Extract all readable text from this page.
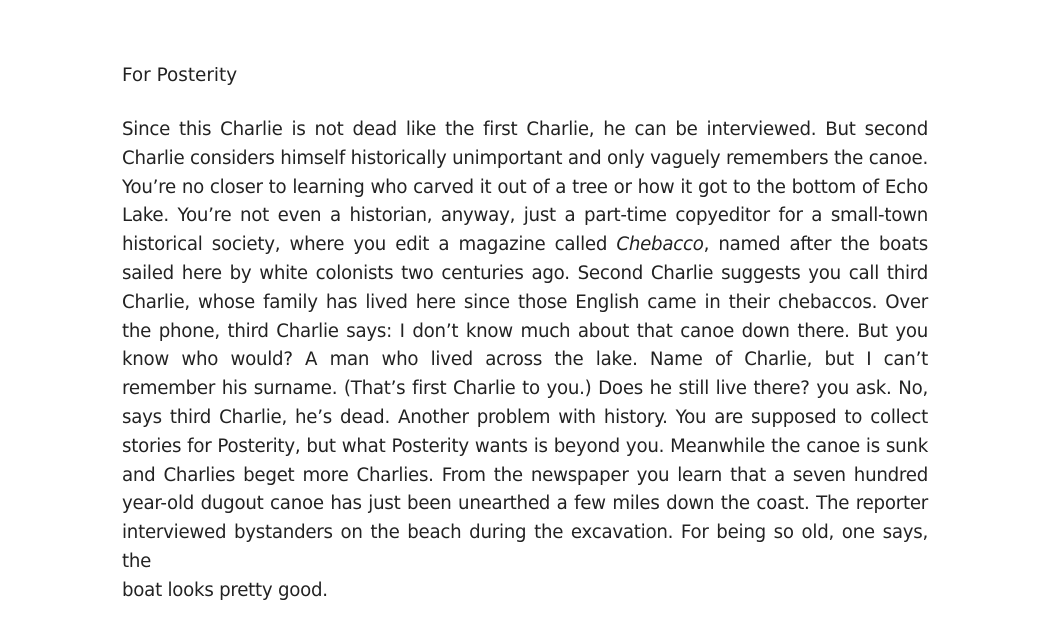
For Posterity
Since this Charlie is not dead like the first Charlie, he can be interviewed. But second
Charlie considers himself historically unimportant and only vaguely remembers the canoe.
You’re no closer to learning who carved it out of a tree or how it got to the bottom of Echo
Lake. You’re not even a historian, anyway, just a part-time copyeditor for a small-town
historical society, where you edit a magazine called Chebacco, named after the boats
sailed here by white colonists two centuries ago. Second Charlie suggests you call third
Charlie, whose family has lived here since those English came in their chebaccos. Over
the phone, third Charlie says: I don’t know much about that canoe down there. But you
know who would? A man who lived across the lake. Name of Charlie, but I can’t
remember his surname. (That’s first Charlie to you.) Does he still live there? you ask. No,
says third Charlie, he’s dead. Another problem with history. You are supposed to collect
stories for Posterity, but what Posterity wants is beyond you. Meanwhile the canoe is sunk
and Charlies beget more Charlies. From the newspaper you learn that a seven hundred
year-old dugout canoe has just been unearthed a few miles down the coast. The reporter
interviewed bystanders on the beach during the excavation. For being so old, one says, the
boat looks pretty good.
